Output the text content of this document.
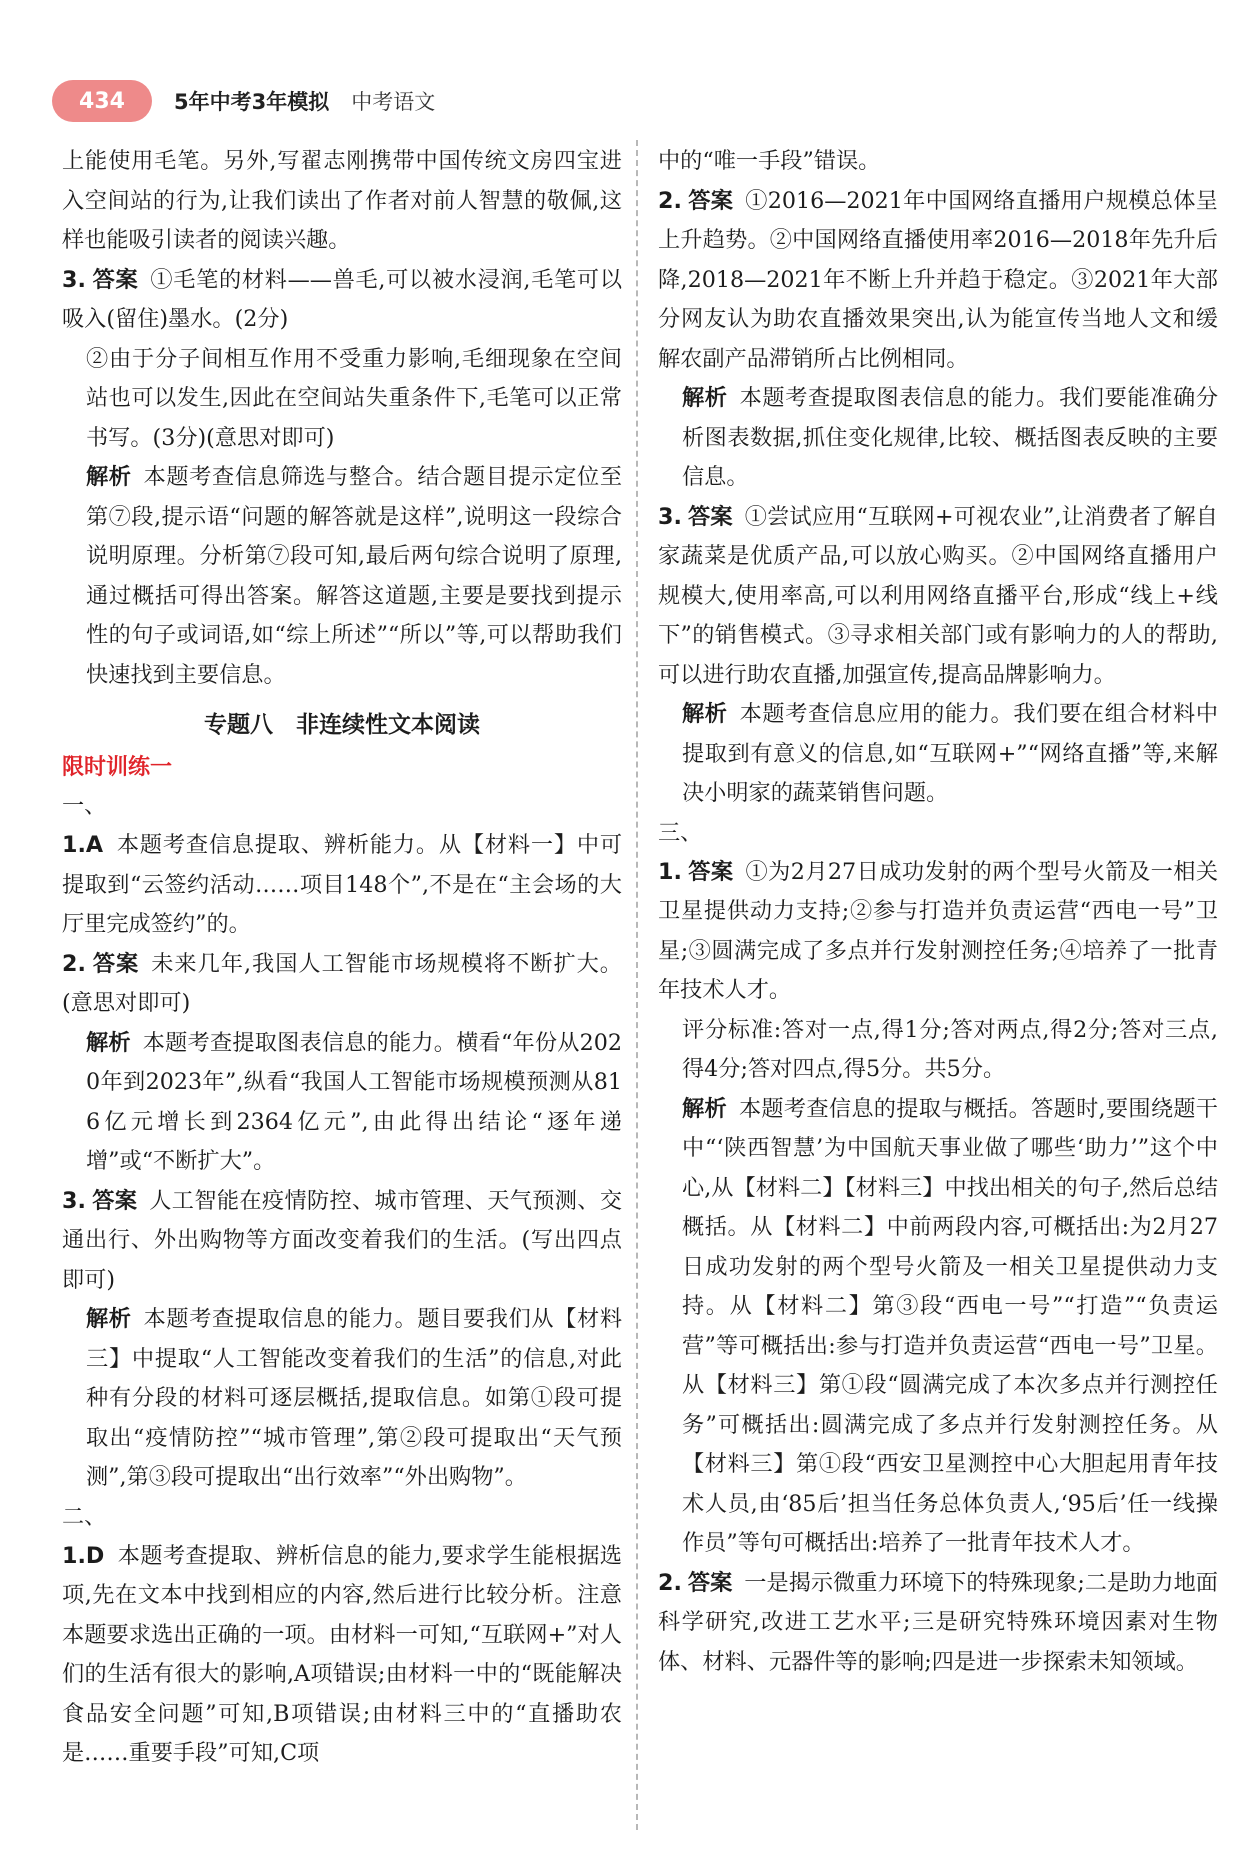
434	5年中考3年模拟 中考语文

上能使用毛笔。另外,写翟志刚携带中国传统文房四宝进入空间站的行为,让我们读出了作者对前人智慧的敬佩,这样也能吸引读者的阅读兴趣。

3. 答案 ①毛笔的材料——兽毛,可以被水浸润,毛笔可以吸入(留住)墨水。(2分)

②由于分子间相互作用不受重力影响,毛细现象在空间站也可以发生,因此在空间站失重条件下,毛笔可以正常书写。(3分)(意思对即可)

解析 本题考查信息筛选与整合。结合题目提示定位至第⑦段,提示语“问题的解答就是这样”,说明这一段综合说明原理。分析第⑦段可知,最后两句综合说明了原理,通过概括可得出答案。解答这道题,主要是要找到提示性的句子或词语,如“综上所述”“所以”等,可以帮助我们快速找到主要信息。

专题八　非连续性文本阅读
限时训练一
一、

1.A 本题考查信息提取、辨析能力。从【材料一】中可提取到“云签约活动……项目148个”,不是在“主会场的大厅里完成签约”的。

2. 答案 未来几年,我国人工智能市场规模将不断扩大。(意思对即可)

解析 本题考查提取图表信息的能力。横看“年份从2020年到2023年”,纵看“我国人工智能市场规模预测从816亿元增长到2364亿元”,由此得出结论“逐年递增”或“不断扩大”。

3. 答案 人工智能在疫情防控、城市管理、天气预测、交通出行、外出购物等方面改变着我们的生活。(写出四点即可)

解析 本题考查提取信息的能力。题目要我们从【材料三】中提取“人工智能改变着我们的生活”的信息,对此种有分段的材料可逐层概括,提取信息。如第①段可提取出“疫情防控”“城市管理”,第②段可提取出“天气预测”,第③段可提取出“出行效率”“外出购物”。

二、

1.D 本题考查提取、辨析信息的能力,要求学生能根据选项,先在文本中找到相应的内容,然后进行比较分析。注意本题要求选出正确的一项。由材料一可知,“互联网+”对人们的生活有很大的影响,A项错误;由材料一中的“既能解决食品安全问题”可知,B项错误;由材料三中的“直播助农是……重要手段”可知,C项

中的“唯一手段”错误。

2. 答案 ①2016—2021年中国网络直播用户规模总体呈上升趋势。②中国网络直播使用率2016—2018年先升后降,2018—2021年不断上升并趋于稳定。③2021年大部分网友认为助农直播效果突出,认为能宣传当地人文和缓解农副产品滞销所占比例相同。

解析 本题考查提取图表信息的能力。我们要能准确分析图表数据,抓住变化规律,比较、概括图表反映的主要信息。

3. 答案 ①尝试应用“互联网+可视农业”,让消费者了解自家蔬菜是优质产品,可以放心购买。②中国网络直播用户规模大,使用率高,可以利用网络直播平台,形成“线上+线下”的销售模式。③寻求相关部门或有影响力的人的帮助,可以进行助农直播,加强宣传,提高品牌影响力。

解析 本题考查信息应用的能力。我们要在组合材料中提取到有意义的信息,如“互联网+”“网络直播”等,来解决小明家的蔬菜销售问题。

三、

1. 答案 ①为2月27日成功发射的两个型号火箭及一相关卫星提供动力支持;②参与打造并负责运营“西电一号”卫星;③圆满完成了多点并行发射测控任务;④培养了一批青年技术人才。

评分标准:答对一点,得1分;答对两点,得2分;答对三点,得4分;答对四点,得5分。共5分。

解析 本题考查信息的提取与概括。答题时,要围绕题干中“‘陕西智慧’为中国航天事业做了哪些‘助力’”这个中心,从【材料二】【材料三】中找出相关的句子,然后总结概括。从【材料二】中前两段内容,可概括出:为2月27日成功发射的两个型号火箭及一相关卫星提供动力支持。从【材料二】第③段“西电一号”“打造”“负责运营”等可概括出:参与打造并负责运营“西电一号”卫星。从【材料三】第①段“圆满完成了本次多点并行测控任务”可概括出:圆满完成了多点并行发射测控任务。从【材料三】第①段“西安卫星测控中心大胆起用青年技术人员,由‘85后’担当任务总体负责人,‘95后’任一线操作员”等句可概括出:培养了一批青年技术人才。

2. 答案 一是揭示微重力环境下的特殊现象;二是助力地面科学研究,改进工艺水平;三是研究特殊环境因素对生物体、材料、元器件等的影响;四是进一步探索未知领域。
